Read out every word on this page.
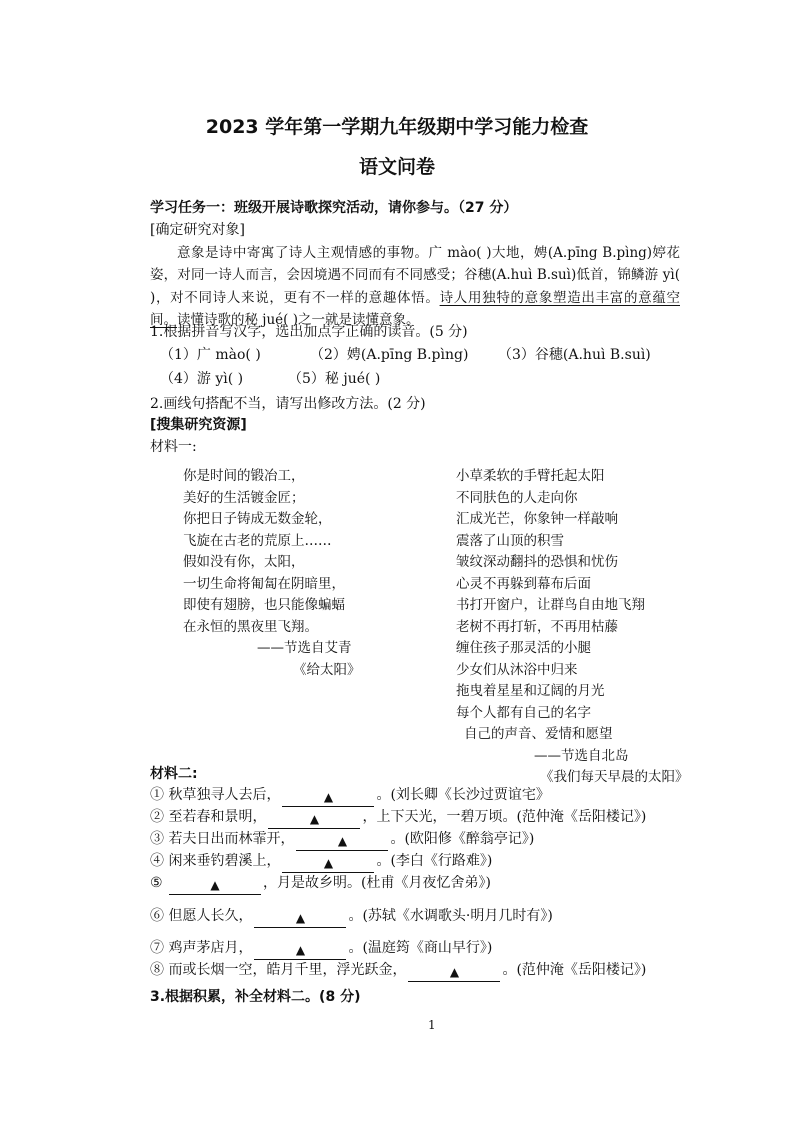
2023 学年第一学期九年级期中学习能力检查
语文问卷
学习任务一：班级开展诗歌探究活动，请你参与。（27 分）
[确定研究对象]
意象是诗中寄寓了诗人主观情感的事物。广 mào( )大地，娉(A.pīng B.pìng)婷花姿，对同一诗人而言，会因境遇不同而有不同感受；谷穗(A.huì B.suì)低首，锦鳞游 yì( )，对不同诗人来说，更有不一样的意趣体悟。诗人用独特的意象塑造出丰富的意蕴空间。读懂诗歌的秘 jué( )之一就是读懂意象。
1.根据拼音写汉字，选出加点字正确的读音。(5 分)
（1）广 mào( )	（2）娉(A.pīng B.pìng) （3）谷穗(A.huì B.suì)
（4）游 yì( )	（5）秘 jué( )
2.画线句搭配不当，请写出修改方法。(2 分)
[搜集研究资源]
材料一:
你是时间的锻冶工，
美好的生活镀金匠；
你把日子铸成无数金轮，
飞旋在古老的荒原上……
假如没有你，太阳，
一切生命将匍匐在阴暗里，
即使有翅膀，也只能像蝙蝠
在永恒的黑夜里飞翔。
——节选自艾青
《给太阳》
小草柔软的手臂托起太阳
不同肤色的人走向你
汇成光芒，你象钟一样敲响
震落了山顶的积雪
皱纹深动翻抖的恐惧和忧伤
心灵不再躲到幕布后面
书打开窗户，让群鸟自由地飞翔
老树不再打斩，不再用枯藤
缠住孩子那灵活的小腿
少女们从沐浴中归来
拖曳着星星和辽阔的月光
每个人都有自己的名字
自己的声音、爱情和愿望
——节选自北岛
《我们每天早晨的太阳》
材料二:
① 秋草独寻人去后，	▲	。(刘长卿《长沙过贾谊宅》
② 至若春和景明，	▲	，上下天光，一碧万顷。(范仲淹《岳阳楼记》)
③ 若夫日出而林霏开，	▲	。(欧阳修《醉翁亭记》)
④ 闲来垂钓碧溪上，	▲	。(李白《行路难》)
⑤	▲	，月是故乡明。(杜甫《月夜忆舍弟》)
⑥ 但愿人长久，	▲	。(苏轼《水调歌头·明月几时有》)
⑦ 鸡声茅店月，	▲	。(温庭筠《商山早行》)
⑧ 而或长烟一空，皓月千里，浮光跃金，	▲	。(范仲淹《岳阳楼记》)
3.根据积累，补全材料二。(8 分)
1
